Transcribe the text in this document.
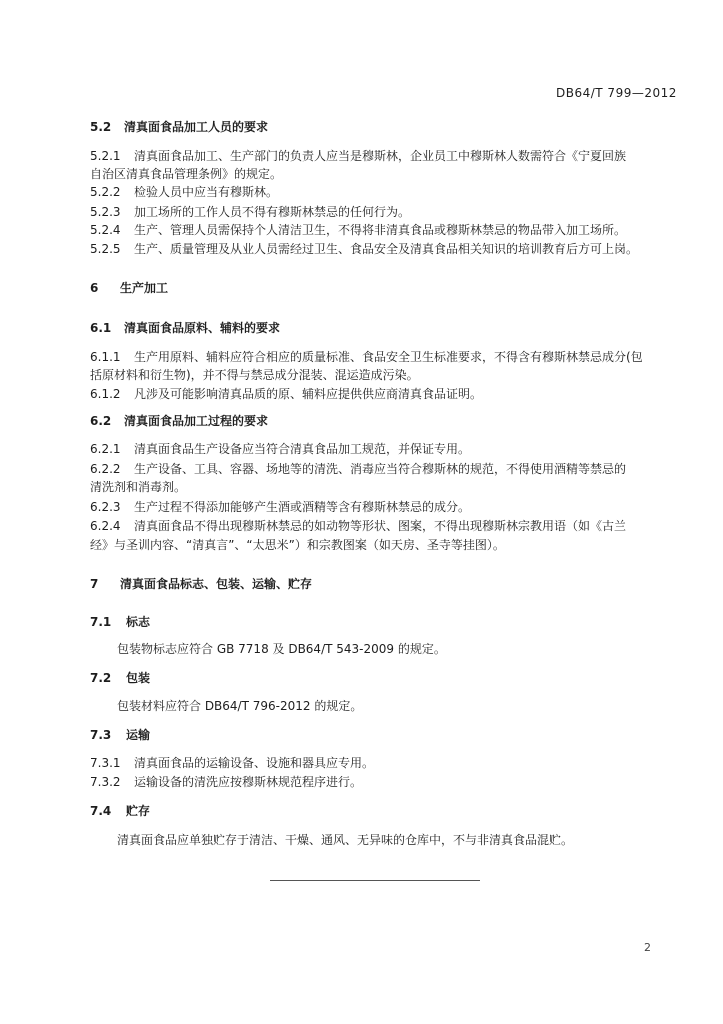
DB64/T 799—2012
5.2 清真面食品加工人员的要求
5.2.1 清真面食品加工、生产部门的负责人应当是穆斯林，企业员工中穆斯林人数需符合《宁夏回族
自治区清真食品管理条例》的规定。
5.2.2 检验人员中应当有穆斯林。
5.2.3 加工场所的工作人员不得有穆斯林禁忌的任何行为。
5.2.4 生产、管理人员需保持个人清洁卫生，不得将非清真食品或穆斯林禁忌的物品带入加工场所。
5.2.5 生产、质量管理及从业人员需经过卫生、食品安全及清真食品相关知识的培训教育后方可上岗。
6 生产加工
6.1 清真面食品原料、辅料的要求
6.1.1 生产用原料、辅料应符合相应的质量标准、食品安全卫生标准要求，不得含有穆斯林禁忌成分(包
括原材料和衍生物)，并不得与禁忌成分混装、混运造成污染。
6.1.2 凡涉及可能影响清真品质的原、辅料应提供供应商清真食品证明。
6.2 清真面食品加工过程的要求
6.2.1 清真面食品生产设备应当符合清真食品加工规范，并保证专用。
6.2.2 生产设备、工具、容器、场地等的清洗、消毒应当符合穆斯林的规范，不得使用酒精等禁忌的
清洗剂和消毒剂。
6.2.3 生产过程不得添加能够产生酒或酒精等含有穆斯林禁忌的成分。
6.2.4 清真面食品不得出现穆斯林禁忌的如动物等形状、图案，不得出现穆斯林宗教用语（如《古兰
经》与圣训内容、“清真言”、“太思米”）和宗教图案（如天房、圣寺等挂图）。
7 清真面食品标志、包装、运输、贮存
7.1 标志
包装物标志应符合 GB 7718 及 DB64/T 543-2009 的规定。
7.2 包装
包装材料应符合 DB64/T 796-2012 的规定。
7.3 运输
7.3.1 清真面食品的运输设备、设施和器具应专用。
7.3.2 运输设备的清洗应按穆斯林规范程序进行。
7.4 贮存
清真面食品应单独贮存于清洁、干燥、通风、无异味的仓库中，不与非清真食品混贮。
2
